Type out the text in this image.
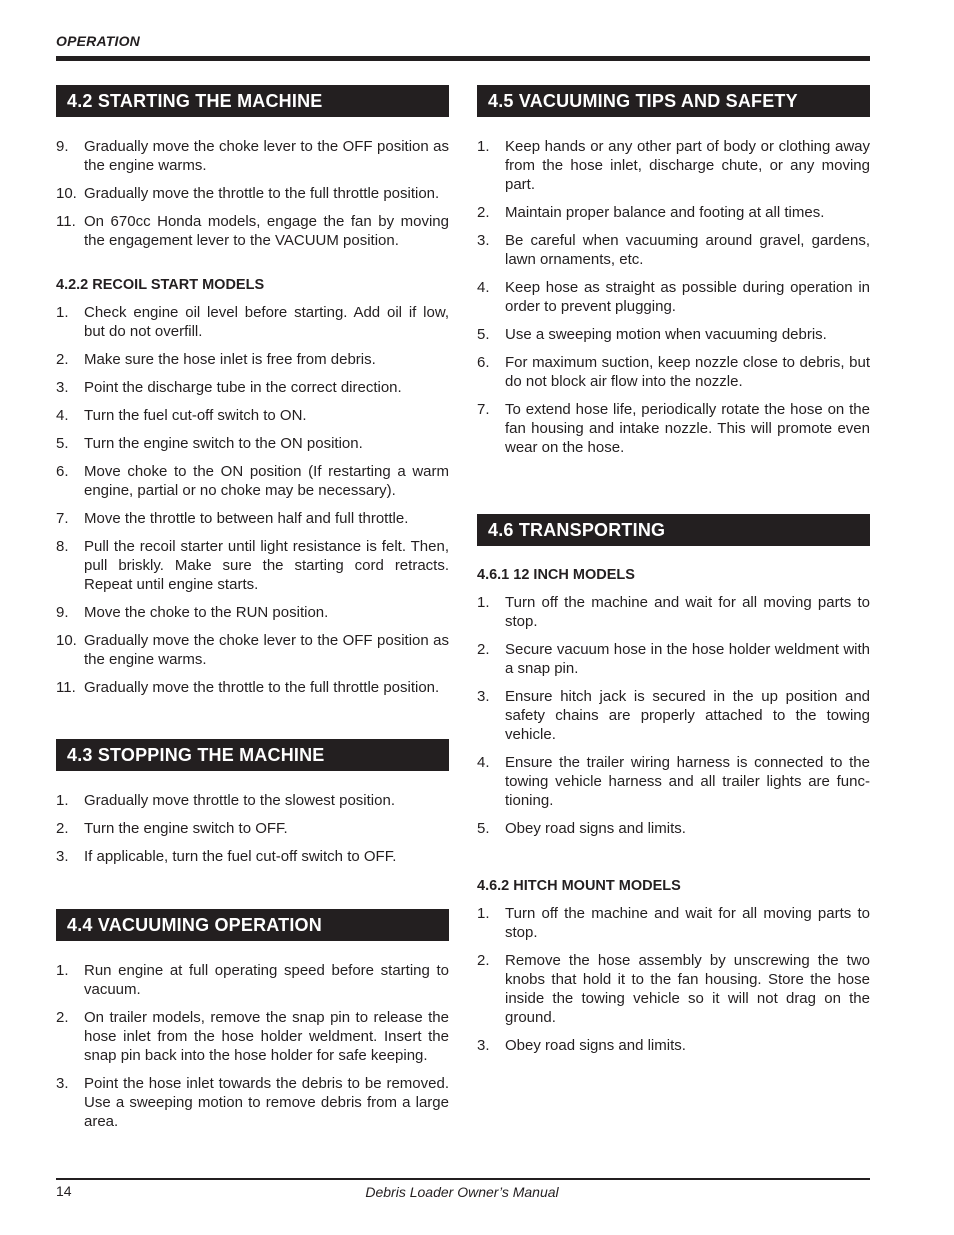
OPERATION
4.2 STARTING THE MACHINE
9. Gradually move the choke lever to the OFF position as the engine warms.
10. Gradually move the throttle to the full throttle position.
11. On 670cc Honda models, engage the fan by moving the engagement lever to the VACUUM position.
4.2.2 RECOIL START MODELS
1. Check engine oil level before starting. Add oil if low, but do not overfill.
2. Make sure the hose inlet is free from debris.
3. Point the discharge tube in the correct direction.
4. Turn the fuel cut-off switch to ON.
5. Turn the engine switch to the ON position.
6. Move choke to the ON position (If restarting a warm engine, partial or no choke may be necessary).
7. Move the throttle to between half and full throttle.
8. Pull the recoil starter until light resistance is felt. Then, pull briskly. Make sure the starting cord retracts. Repeat until engine starts.
9. Move the choke to the RUN position.
10. Gradually move the choke lever to the OFF position as the engine warms.
11. Gradually move the throttle to the full throttle position.
4.3 STOPPING THE MACHINE
1. Gradually move throttle to the slowest position.
2. Turn the engine switch to OFF.
3. If applicable, turn the fuel cut-off switch to OFF.
4.4 VACUUMING OPERATION
1. Run engine at full operating speed before starting to vacuum.
2. On trailer models, remove the snap pin to release the hose inlet from the hose holder weldment. Insert the snap pin back into the hose holder for safe keeping.
3. Point the hose inlet towards the debris to be removed. Use a sweeping motion to remove debris from a large area.
4.5 VACUUMING TIPS AND SAFETY
1. Keep hands or any other part of body or clothing away from the hose inlet, discharge chute, or any moving part.
2. Maintain proper balance and footing at all times.
3. Be careful when vacuuming around gravel, gardens, lawn ornaments, etc.
4. Keep hose as straight as possible during operation in order to prevent plugging.
5. Use a sweeping motion when vacuuming debris.
6. For maximum suction, keep nozzle close to debris, but do not block air flow into the nozzle.
7. To extend hose life, periodically rotate the hose on the fan housing and intake nozzle. This will promote even wear on the hose.
4.6 TRANSPORTING
4.6.1 12 INCH MODELS
1. Turn off the machine and wait for all moving parts to stop.
2. Secure vacuum hose in the hose holder weldment with a snap pin.
3. Ensure hitch jack is secured in the up position and safety chains are properly attached to the towing vehicle.
4. Ensure the trailer wiring harness is connected to the towing vehicle harness and all trailer lights are functioning.
5. Obey road signs and limits.
4.6.2 HITCH MOUNT MODELS
1. Turn off the machine and wait for all moving parts to stop.
2. Remove the hose assembly by unscrewing the two knobs that hold it to the fan housing. Store the hose inside the towing vehicle so it will not drag on the ground.
3. Obey road signs and limits.
14	Debris Loader Owner’s Manual
